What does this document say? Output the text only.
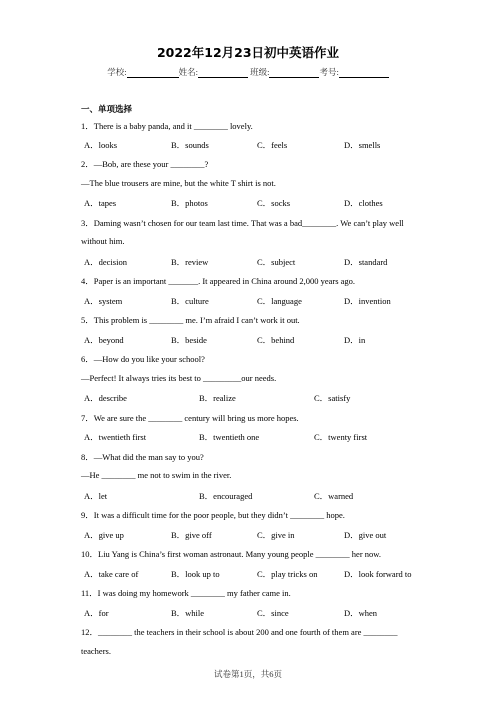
2022年12月23日初中英语作业
学校:	姓名:	班级:	考号:
一、单项选择
1．There is a baby panda, and it ________ lovely.
A．looks	B．sounds	C．feels	D．smells
2．—Bob, are these your ________?
—The blue trousers are mine, but the white T shirt is not.
A．tapes	B．photos	C．socks	D．clothes
3．Daming wasn’t chosen for our team last time. That was a bad________. We can’t play well
without him.
A．decision	B．review	C．subject	D．standard
4．Paper is an important _______. It appeared in China around 2,000 years ago.
A．system	B．culture	C．language	D．invention
5．This problem is ________ me. I’m afraid I can’t work it out.
A．beyond	B．beside	C．behind	D．in
6．—How do you like your school?
—Perfect! It always tries its best to _________our needs.
A．describe	B．realize	C．satisfy
7．We are sure the ________ century will bring us more hopes.
A．twentieth first	B．twentieth one	C．twenty first
8．—What did the man say to you?
—He ________ me not to swim in the river.
A．let	B．encouraged	C．warned
9．It was a difficult time for the poor people, but they didn’t ________ hope.
A．give up	B．give off	C．give in	D．give out
10．Liu Yang is China’s first woman astronaut. Many young people ________ her now.
A．take care of	B．look up to	C．play tricks on	D．look forward to
11．I was doing my homework ________ my father came in.
A．for	B．while	C．since	D．when
12．________ the teachers in their school is about 200 and one fourth of them are ________
teachers.
试卷第1页，共6页
